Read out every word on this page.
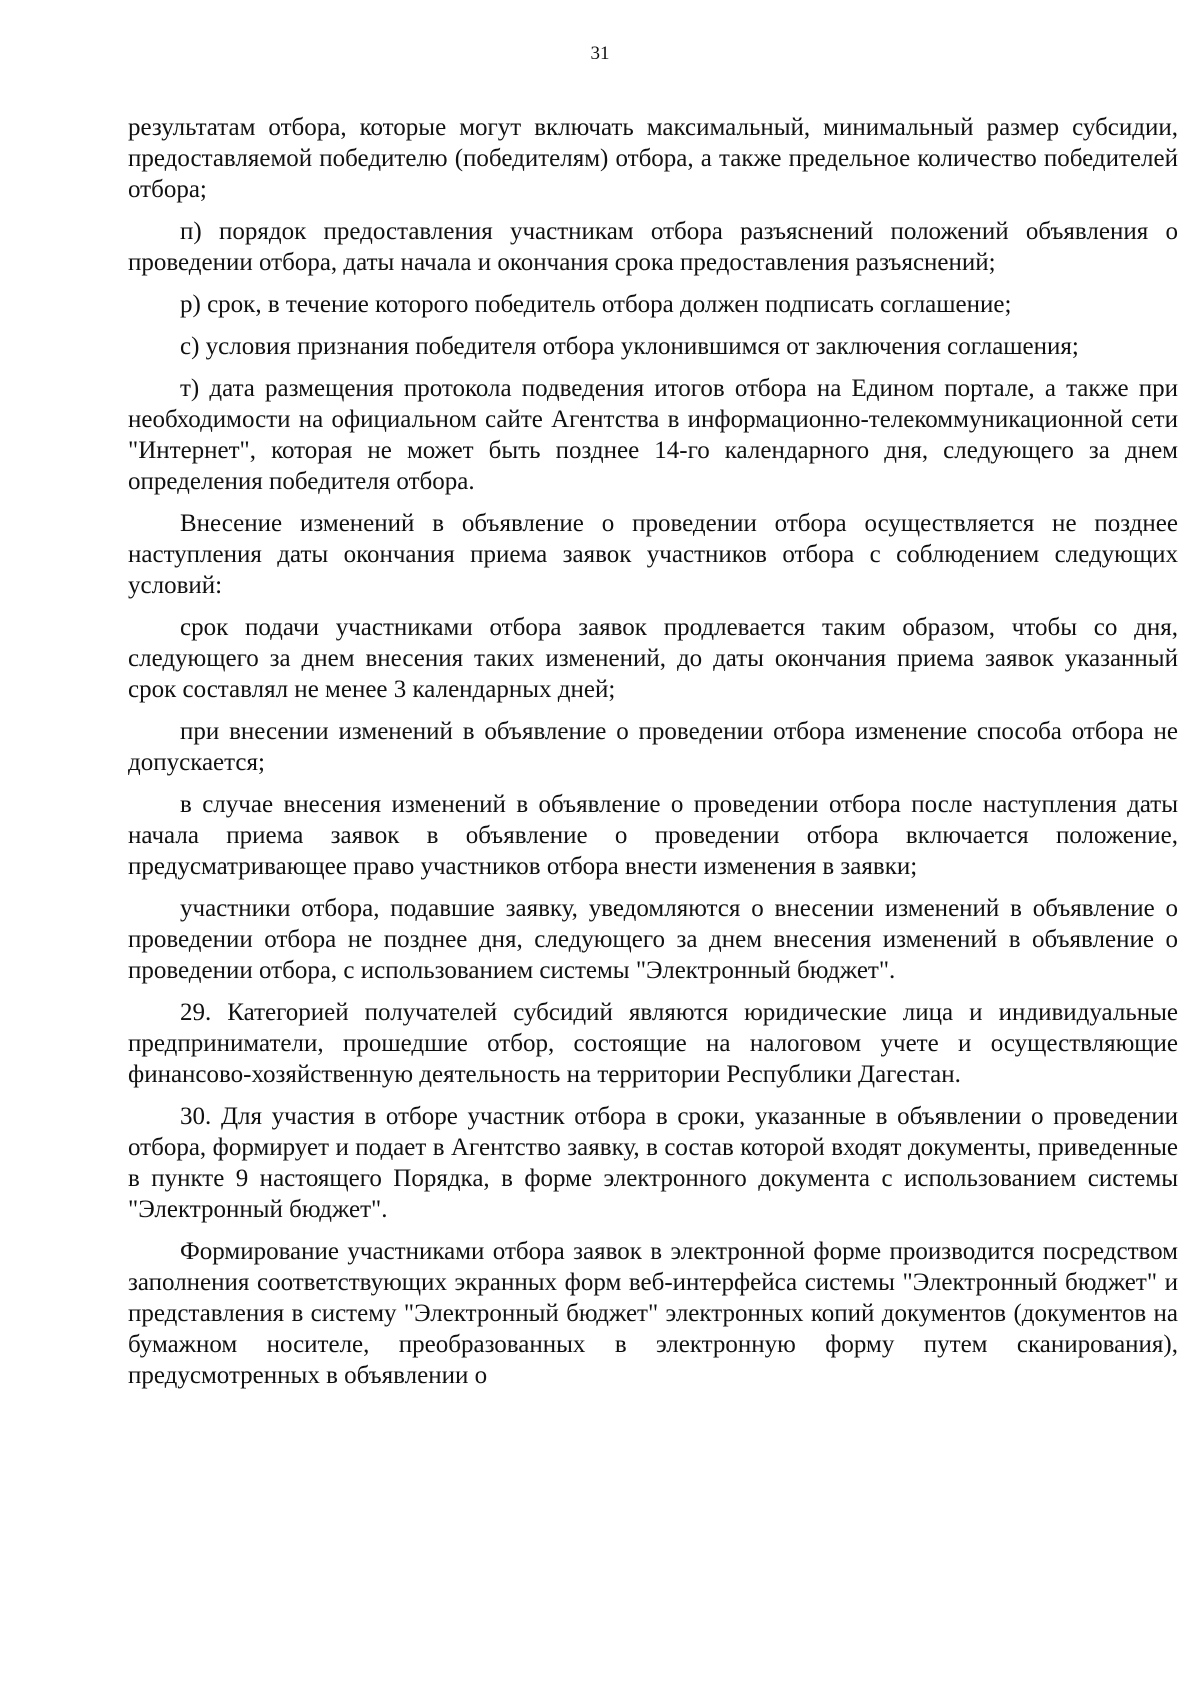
31

результатам отбора, которые могут включать максимальный, минимальный размер субсидии, предоставляемой победителю (победителям) отбора, а также предельное количество победителей отбора;

п) порядок предоставления участникам отбора разъяснений положений объявления о проведении отбора, даты начала и окончания срока предоставления разъяснений;

р) срок, в течение которого победитель отбора должен подписать соглашение;

с) условия признания победителя отбора уклонившимся от заключения соглашения;

т) дата размещения протокола подведения итогов отбора на Едином портале, а также при необходимости на официальном сайте Агентства в информационно-телекоммуникационной сети "Интернет", которая не может быть позднее 14-го календарного дня, следующего за днем определения победителя отбора.

Внесение изменений в объявление о проведении отбора осуществляется не позднее наступления даты окончания приема заявок участников отбора с соблюдением следующих условий:

срок подачи участниками отбора заявок продлевается таким образом, чтобы со дня, следующего за днем внесения таких изменений, до даты окончания приема заявок указанный срок составлял не менее 3 календарных дней;

при внесении изменений в объявление о проведении отбора изменение способа отбора не допускается;

в случае внесения изменений в объявление о проведении отбора после наступления даты начала приема заявок в объявление о проведении отбора включается положение, предусматривающее право участников отбора внести изменения в заявки;

участники отбора, подавшие заявку, уведомляются о внесении изменений в объявление о проведении отбора не позднее дня, следующего за днем внесения изменений в объявление о проведении отбора, с использованием системы "Электронный бюджет".

29. Категорией получателей субсидий являются юридические лица и индивидуальные предприниматели, прошедшие отбор, состоящие на налоговом учете и осуществляющие финансово-хозяйственную деятельность на территории Республики Дагестан.

30. Для участия в отборе участник отбора в сроки, указанные в объявлении о проведении отбора, формирует и подает в Агентство заявку, в состав которой входят документы, приведенные в пункте 9 настоящего Порядка, в форме электронного документа с использованием системы "Электронный бюджет".

Формирование участниками отбора заявок в электронной форме производится посредством заполнения соответствующих экранных форм веб-интерфейса системы "Электронный бюджет" и представления в систему "Электронный бюджет" электронных копий документов (документов на бумажном носителе, преобразованных в электронную форму путем сканирования), предусмотренных в объявлении о
